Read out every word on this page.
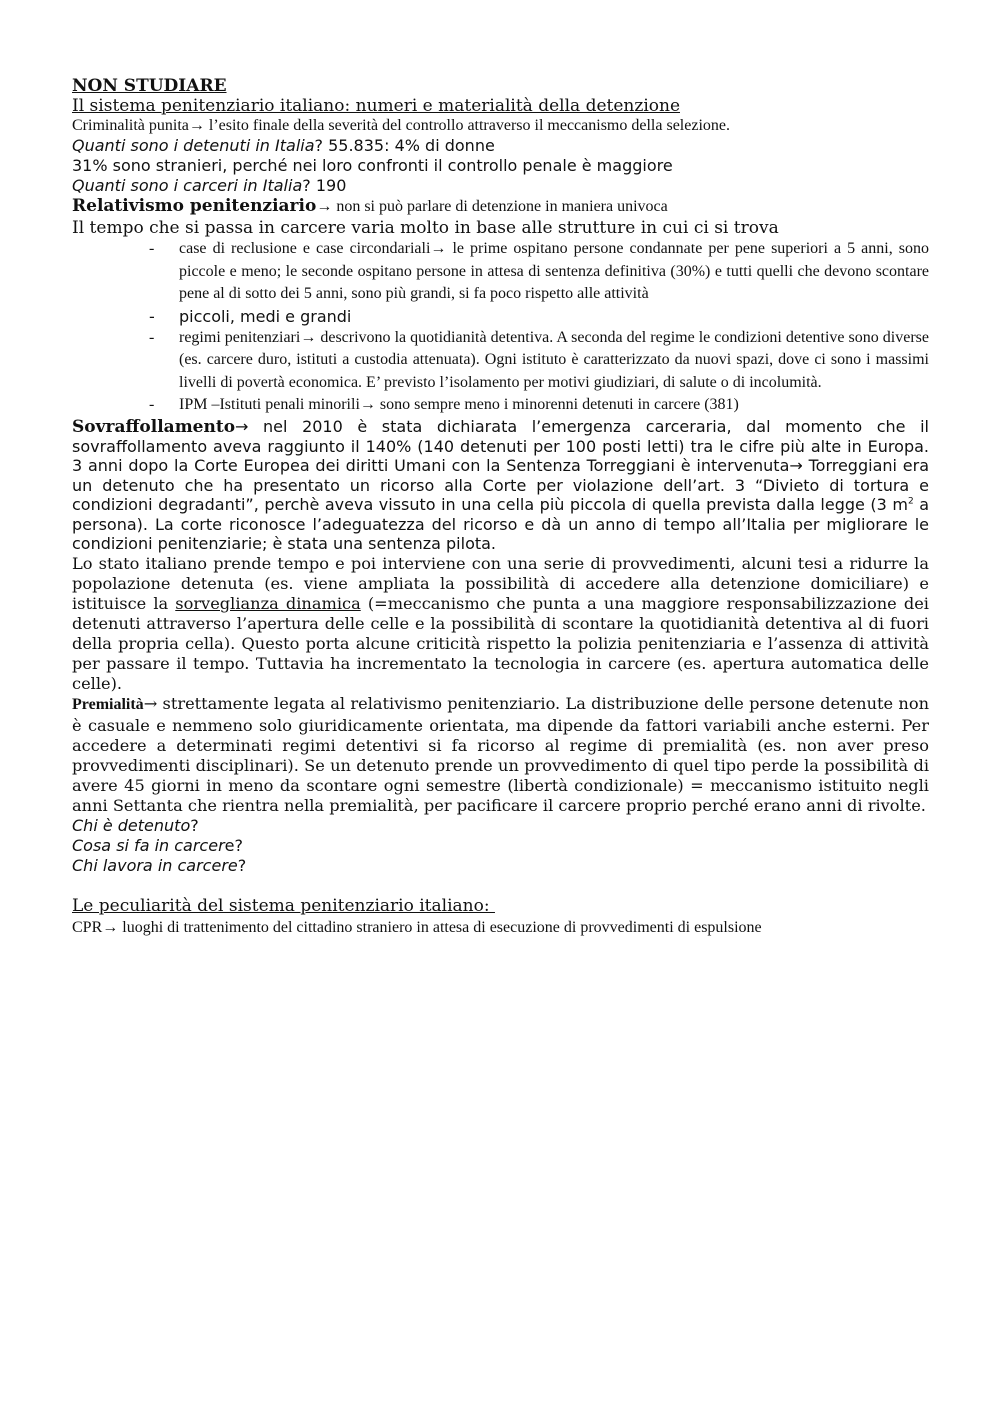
NON STUDIARE

Il sistema penitenziario italiano: numeri e materialità della detenzione

Criminalità punita→ l’esito finale della severità del controllo attraverso il meccanismo della selezione.

Quanti sono i detenuti in Italia? 55.835: 4% di donne

31% sono stranieri, perché nei loro confronti il controllo penale è maggiore

Quanti sono i carceri in Italia? 190

Relativismo penitenziario→ non si può parlare di detenzione in maniera univoca

Il tempo che si passa in carcere varia molto in base alle strutture in cui ci si trova

- case di reclusione e case circondariali→ le prime ospitano persone condannate per pene superiori a 5 anni, sono piccole e meno; le seconde ospitano persone in attesa di sentenza definitiva (30%) e tutti quelli che devono scontare pene al di sotto dei 5 anni, sono più grandi, si fa poco rispetto alle attività
- piccoli, medi e grandi
- regimi penitenziari→ descrivono la quotidianità detentiva. A seconda del regime le condizioni detentive sono diverse (es. carcere duro, istituti a custodia attenuata). Ogni istituto è caratterizzato da nuovi spazi, dove ci sono i massimi livelli di povertà economica. E’ previsto l’isolamento per motivi giudiziari, di salute o di incolumità.
- IPM –Istituti penali minorili→ sono sempre meno i minorenni detenuti in carcere (381)

Sovraffollamento→ nel 2010 è stata dichiarata l’emergenza carceraria, dal momento che il sovraffollamento aveva raggiunto il 140% (140 detenuti per 100 posti letti) tra le cifre più alte in Europa. 3 anni dopo la Corte Europea dei diritti Umani con la Sentenza Torreggiani è intervenuta→ Torreggiani era un detenuto che ha presentato un ricorso alla Corte per violazione dell’art. 3 “Divieto di tortura e condizioni degradanti”, perchè aveva vissuto in una cella più piccola di quella prevista dalla legge (3 $m^2$ a persona). La corte riconosce l’adeguatezza del ricorso e dà un anno di tempo all’Italia per migliorare le condizioni penitenziarie; è stata una sentenza pilota.

Lo stato italiano prende tempo e poi interviene con una serie di provvedimenti, alcuni tesi a ridurre la popolazione detenuta (es. viene ampliata la possibilità di accedere alla detenzione domiciliare) e istituisce la sorveglianza dinamica (=meccanismo che punta a una maggiore responsabilizzazione dei detenuti attraverso l’apertura delle celle e la possibilità di scontare la quotidianità detentiva al di fuori della propria cella). Questo porta alcune criticità rispetto la polizia penitenziaria e l’assenza di attività per passare il tempo. Tuttavia ha incrementato la tecnologia in carcere (es. apertura automatica delle celle).

Premialità→ strettamente legata al relativismo penitenziario. La distribuzione delle persone detenute non è casuale e nemmeno solo giuridicamente orientata, ma dipende da fattori variabili anche esterni. Per accedere a determinati regimi detentivi si fa ricorso al regime di premialità (es. non aver preso provvedimenti disciplinari). Se un detenuto prende un provvedimento di quel tipo perde la possibilità di avere 45 giorni in meno da scontare ogni semestre (libertà condizionale) = meccanismo istituito negli anni Settanta che rientra nella premialità, per pacificare il carcere proprio perché erano anni di rivolte.

Chi è detenuto?

Cosa si fa in carcere?

Chi lavora in carcere?

Le peculiarità del sistema penitenziario italiano:

CPR→ luoghi di trattenimento del cittadino straniero in attesa di esecuzione di provvedimenti di espulsione
